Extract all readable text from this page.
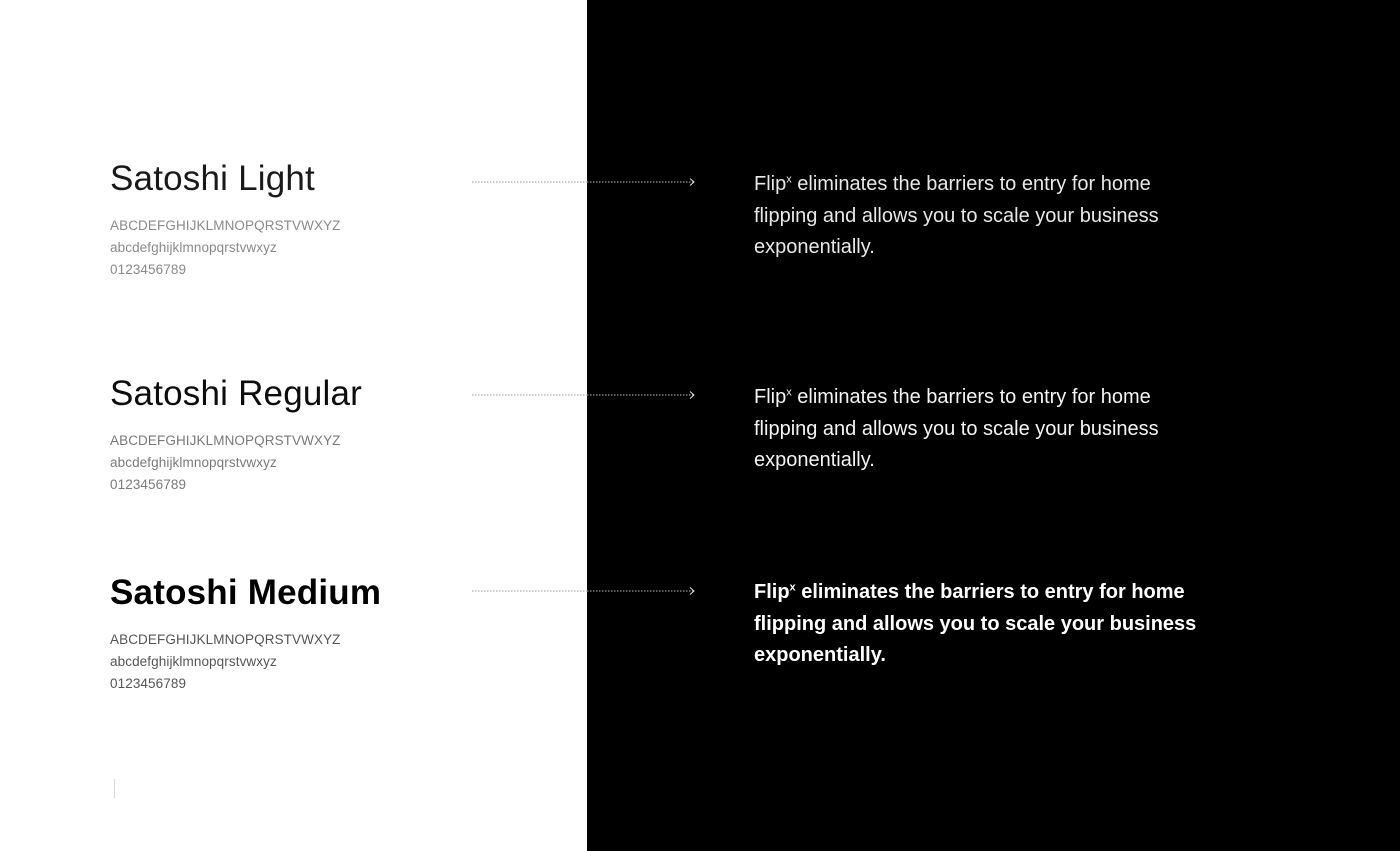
Satoshi Light
ABCDEFGHIJKLMNOPQRSTVWXYZ
abcdefghijklmnopqrstvwxyz
0123456789
Flip$^x$ eliminates the barriers to entry for home flipping and allows you to scale your business exponentially.
Satoshi Regular
ABCDEFGHIJKLMNOPQRSTVWXYZ
abcdefghijklmnopqrstvwxyz
0123456789
Flip$^x$ eliminates the barriers to entry for home flipping and allows you to scale your business exponentially.
Satoshi Medium
ABCDEFGHIJKLMNOPQRSTVWXYZ
abcdefghijklmnopqrstvwxyz
0123456789
Flip$^x$ eliminates the barriers to entry for home flipping and allows you to scale your business exponentially.
